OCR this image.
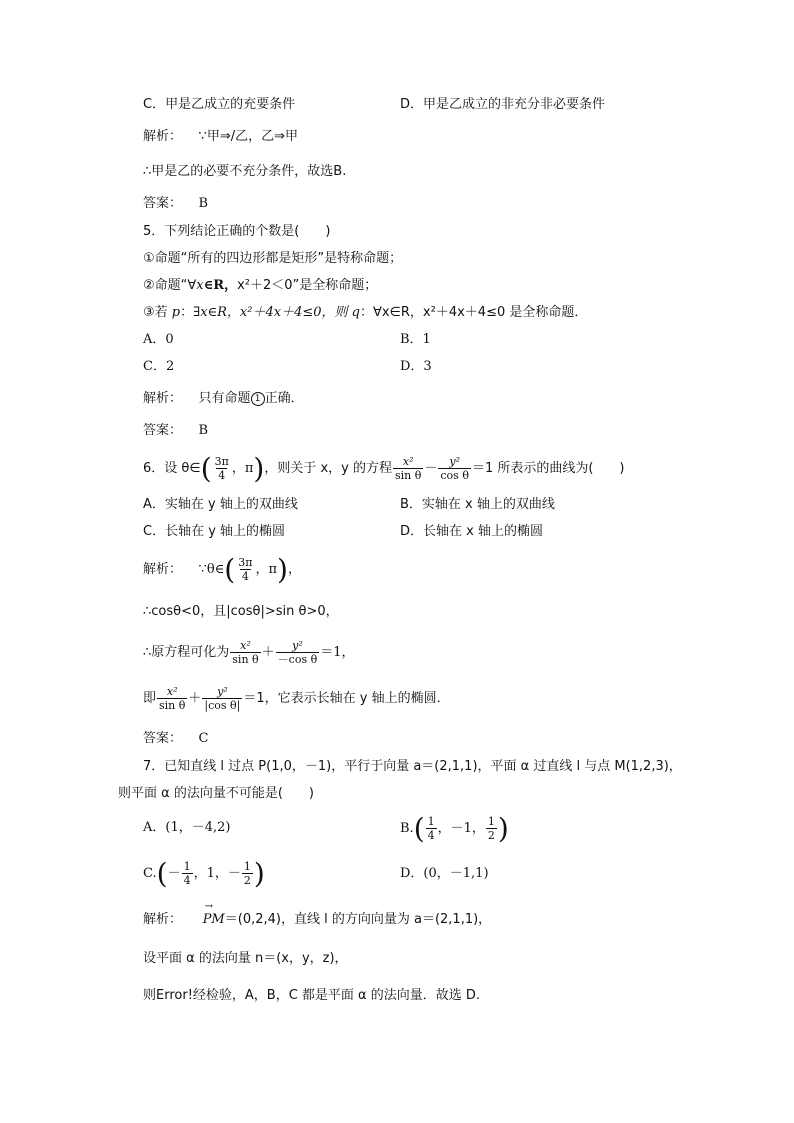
C．甲是乙成立的充要条件	D．甲是乙成立的非充分非必要条件
解析： ∵甲⇒/乙，乙⇒甲
∴甲是乙的必要不充分条件，故选B.
答案： B
5．下列结论正确的个数是(　　)
①命题“所有的四边形都是矩形”是特称命题；
②命题“∀x∈R，x²＋2＜0”是全称命题；
③若 p：∃x∈R，x²＋4x＋4≤0，则 q：∀x∈R，x²＋4x＋4≤0 是全称命题．
A．0	B．1
C．2	D．3
解析： 只有命题 1 正确．
答案： B
6．设 θ∈( $\frac{3\pi}{4}$ ，π)，则关于 x，y 的方程 $\frac{\text{x²}}{\text{sin θ}} - \frac{\text{y²}}{\text{cos θ}} =1$ 所表示的曲线为(　　)
A．实轴在 y 轴上的双曲线	B．实轴在 x 轴上的双曲线
C．长轴在 y 轴上的椭圆	D．长轴在 x 轴上的椭圆
解析： ∵θ∈( $\frac{3\pi}{4}$ ，π)，
∴cosθ<0，且|cosθ|>sin θ>0，
∴原方程可化为 $\frac{\text{x²}}{\text{sin θ}} + \frac{\text{y²}}{\text{－cos θ}} =1$，
即 $\frac{\text{x²}}{\text{sin θ}} + \frac{\text{y²}}{\text{|cos θ|}} =1$，它表示长轴在 y 轴上的椭圆．
答案： C
7．已知直线 l 过点 P(1,0，－1)，平行于向量 a＝(2,1,1)，平面 α 过直线 l 与点 M(1,2,3)，
则平面 α 的法向量不可能是(　　)
A．(1，－4,2)	$B.( \frac{1}{4}$ ，－1， $\frac{1}{2}$ )
$C.(- \frac{1}{4}$ ，1，－ $\frac{1}{2}$ )	D．(0，－1,1)
解析：
→
PM＝(0,2,4)，直线 l 的方向向量为 a＝(2,1,1)，
设平面 α 的法向量 n＝(x，y，z)，
则Error!经检验，A，B，C 都是平面 α 的法向量．故选 D.
